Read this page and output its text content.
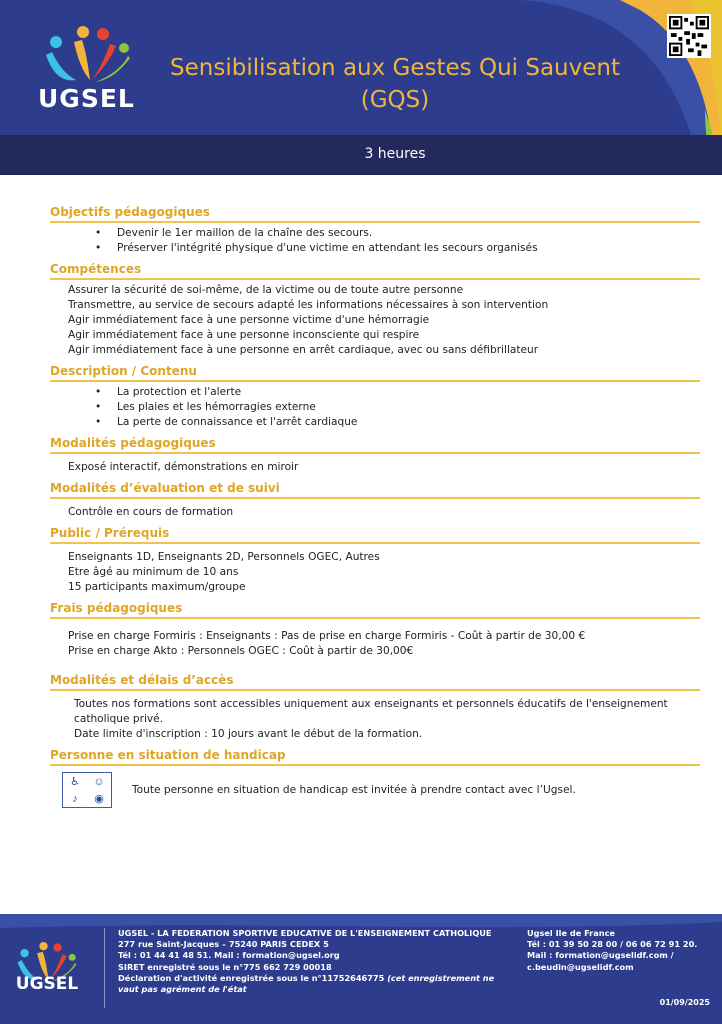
UGSEL
Sensibilisation aux Gestes Qui Sauvent
(GQS)
3 heures
Objectifs pédagogiques
• Devenir le 1er maillon de la chaîne des secours.
• Préserver l'intégrité physique d'une victime en attendant les secours organisés
Compétences
Assurer la sécurité de soi-même, de la victime ou de toute autre personne
Transmettre, au service de secours adapté les informations nécessaires à son intervention
Agir immédiatement face à une personne victime d'une hémorragie
Agir immédiatement face à une personne inconsciente qui respire
Agir immédiatement face à une personne en arrêt cardiaque, avec ou sans défibrillateur
Description / Contenu
• La protection et l'alerte
• Les plaies et les hémorragies externe
• La perte de connaissance et l'arrêt cardiaque
Modalités pédagogiques
Exposé interactif, démonstrations en miroir
Modalités d’évaluation et de suivi
Contrôle en cours de formation
Public / Prérequis
Enseignants 1D, Enseignants 2D, Personnels OGEC, Autres
Etre âgé au minimum de 10 ans
15 participants maximum/groupe
Frais pédagogiques
Prise en charge Formiris : Enseignants : Pas de prise en charge Formiris - Coût à partir de 30,00 €
Prise en charge Akto : Personnels OGEC : Coût à partir de 30,00€
Modalités et délais d’accès
Toutes nos formations sont accessibles uniquement aux enseignants et personnels éducatifs de l'enseignement catholique privé.
Date limite d'inscription : 10 jours avant le début de la formation.
Personne en situation de handicap
♿	☺
♪	◉
Toute personne en situation de handicap est invitée à prendre contact avec l’Ugsel.
UGSEL
UGSEL - LA FEDERATION SPORTIVE EDUCATIVE DE L'ENSEIGNEMENT CATHOLIQUE
277 rue Saint-Jacques – 75240 PARIS CEDEX 5
Tél : 01 44 41 48 51. Mail : formation@ugsel.org
SIRET enregistré sous le n°775 662 729 00018
Déclaration d'activité enregistrée sous le n°11752646775 (cet enregistrement ne vaut pas agrément de l'état
Ugsel Ile de France
Tél : 01 39 50 28 00 / 06 06 72 91 20.
Mail : formation@ugselidf.com /
c.beudin@ugselidf.com
01/09/2025
